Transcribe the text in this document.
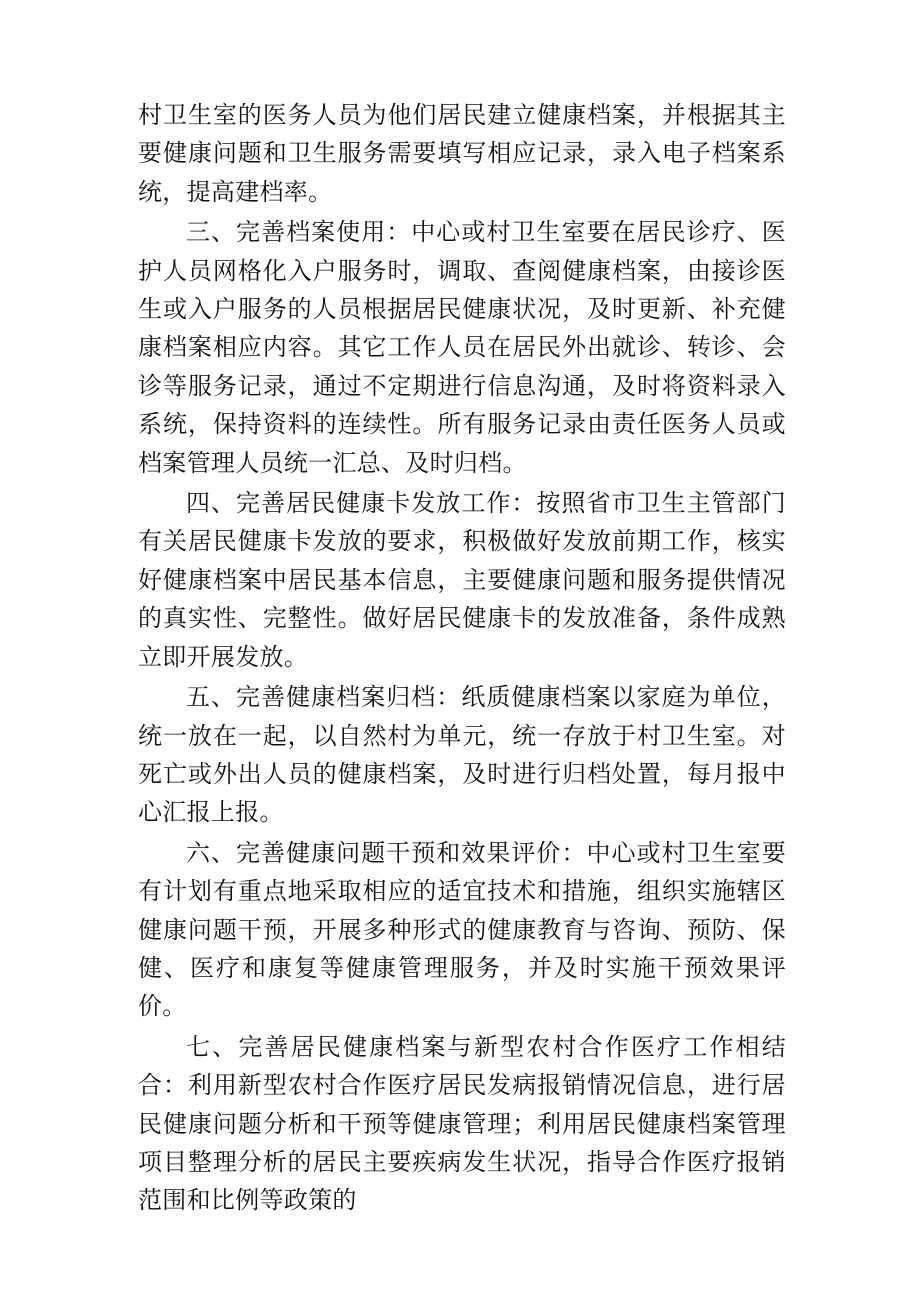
村卫生室的医务人员为他们居民建立健康档案，并根据其主要健康问题和卫生服务需要填写相应记录，录入电子档案系统，提高建档率。

三、完善档案使用：中心或村卫生室要在居民诊疗、医护人员网格化入户服务时，调取、查阅健康档案，由接诊医生或入户服务的人员根据居民健康状况，及时更新、补充健康档案相应内容。其它工作人员在居民外出就诊、转诊、会诊等服务记录，通过不定期进行信息沟通，及时将资料录入系统，保持资料的连续性。所有服务记录由责任医务人员或档案管理人员统一汇总、及时归档。

四、完善居民健康卡发放工作：按照省市卫生主管部门有关居民健康卡发放的要求，积极做好发放前期工作，核实好健康档案中居民基本信息，主要健康问题和服务提供情况的真实性、完整性。做好居民健康卡的发放准备，条件成熟立即开展发放。

五、完善健康档案归档：纸质健康档案以家庭为单位，统一放在一起，以自然村为单元，统一存放于村卫生室。对死亡或外出人员的健康档案，及时进行归档处置，每月报中心汇报上报。

六、完善健康问题干预和效果评价：中心或村卫生室要有计划有重点地采取相应的适宜技术和措施，组织实施辖区健康问题干预，开展多种形式的健康教育与咨询、预防、保健、医疗和康复等健康管理服务，并及时实施干预效果评价。

七、完善居民健康档案与新型农村合作医疗工作相结合：利用新型农村合作医疗居民发病报销情况信息，进行居民健康问题分析和干预等健康管理；利用居民健康档案管理项目整理分析的居民主要疾病发生状况，指导合作医疗报销范围和比例等政策的
